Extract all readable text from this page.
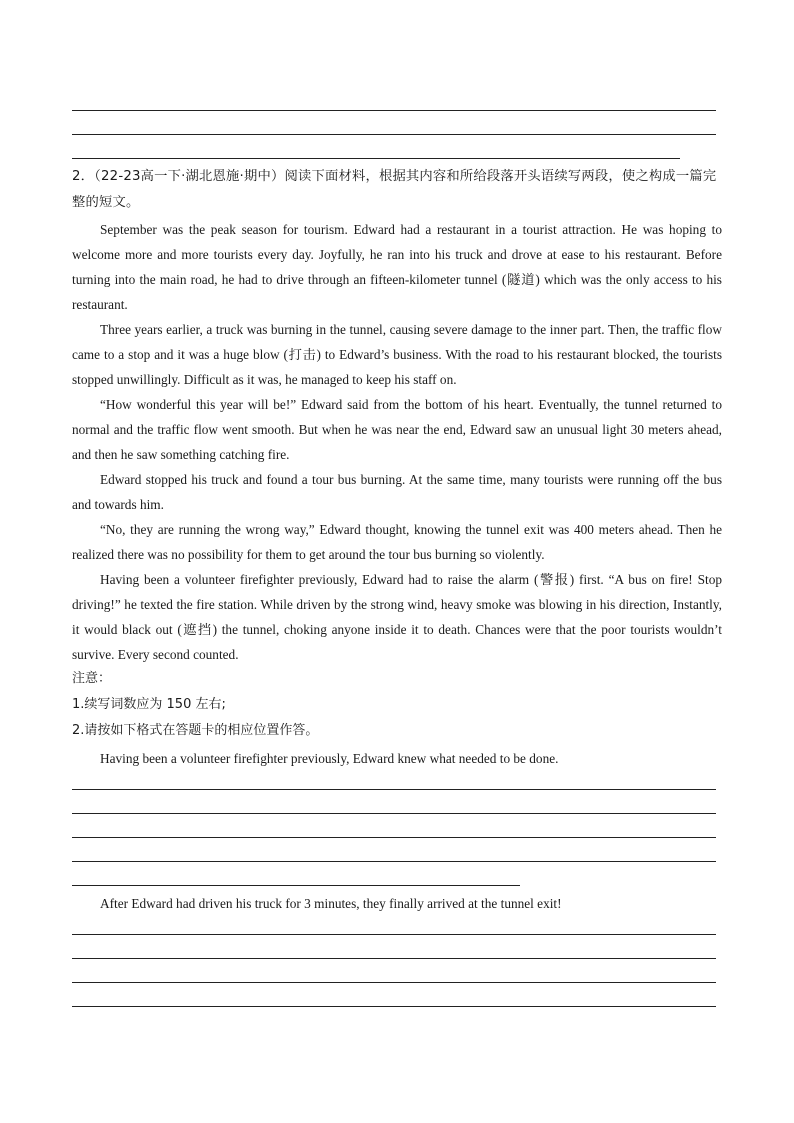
2．（22-23高一下·湖北恩施·期中）阅读下面材料，根据其内容和所给段落开头语续写两段，使之构成一篇完整的短文。

September was the peak season for tourism. Edward had a restaurant in a tourist attraction. He was hoping to welcome more and more tourists every day. Joyfully, he ran into his truck and drove at ease to his restaurant. Before turning into the main road, he had to drive through an fifteen-kilometer tunnel (隧道) which was the only access to his restaurant.

Three years earlier, a truck was burning in the tunnel, causing severe damage to the inner part. Then, the traffic flow came to a stop and it was a huge blow (打击) to Edward’s business. With the road to his restaurant blocked, the tourists stopped unwillingly. Difficult as it was, he managed to keep his staff on.

“How wonderful this year will be!” Edward said from the bottom of his heart. Eventually, the tunnel returned to normal and the traffic flow went smooth. But when he was near the end, Edward saw an unusual light 30 meters ahead, and then he saw something catching fire.

Edward stopped his truck and found a tour bus burning. At the same time, many tourists were running off the bus and towards him.

“No, they are running the wrong way,” Edward thought, knowing the tunnel exit was 400 meters ahead. Then he realized there was no possibility for them to get around the tour bus burning so violently.

Having been a volunteer firefighter previously, Edward had to raise the alarm (警报) first. “A bus on fire! Stop driving!” he texted the fire station. While driven by the strong wind, heavy smoke was blowing in his direction, Instantly, it would black out (遮挡) the tunnel, choking anyone inside it to death. Chances were that the poor tourists wouldn’t survive. Every second counted.

注意：
1.续写词数应为 150 左右;
2.请按如下格式在答题卡的相应位置作答。
Having been a volunteer firefighter previously, Edward knew what needed to be done.
After Edward had driven his truck for 3 minutes, they finally arrived at the tunnel exit!
